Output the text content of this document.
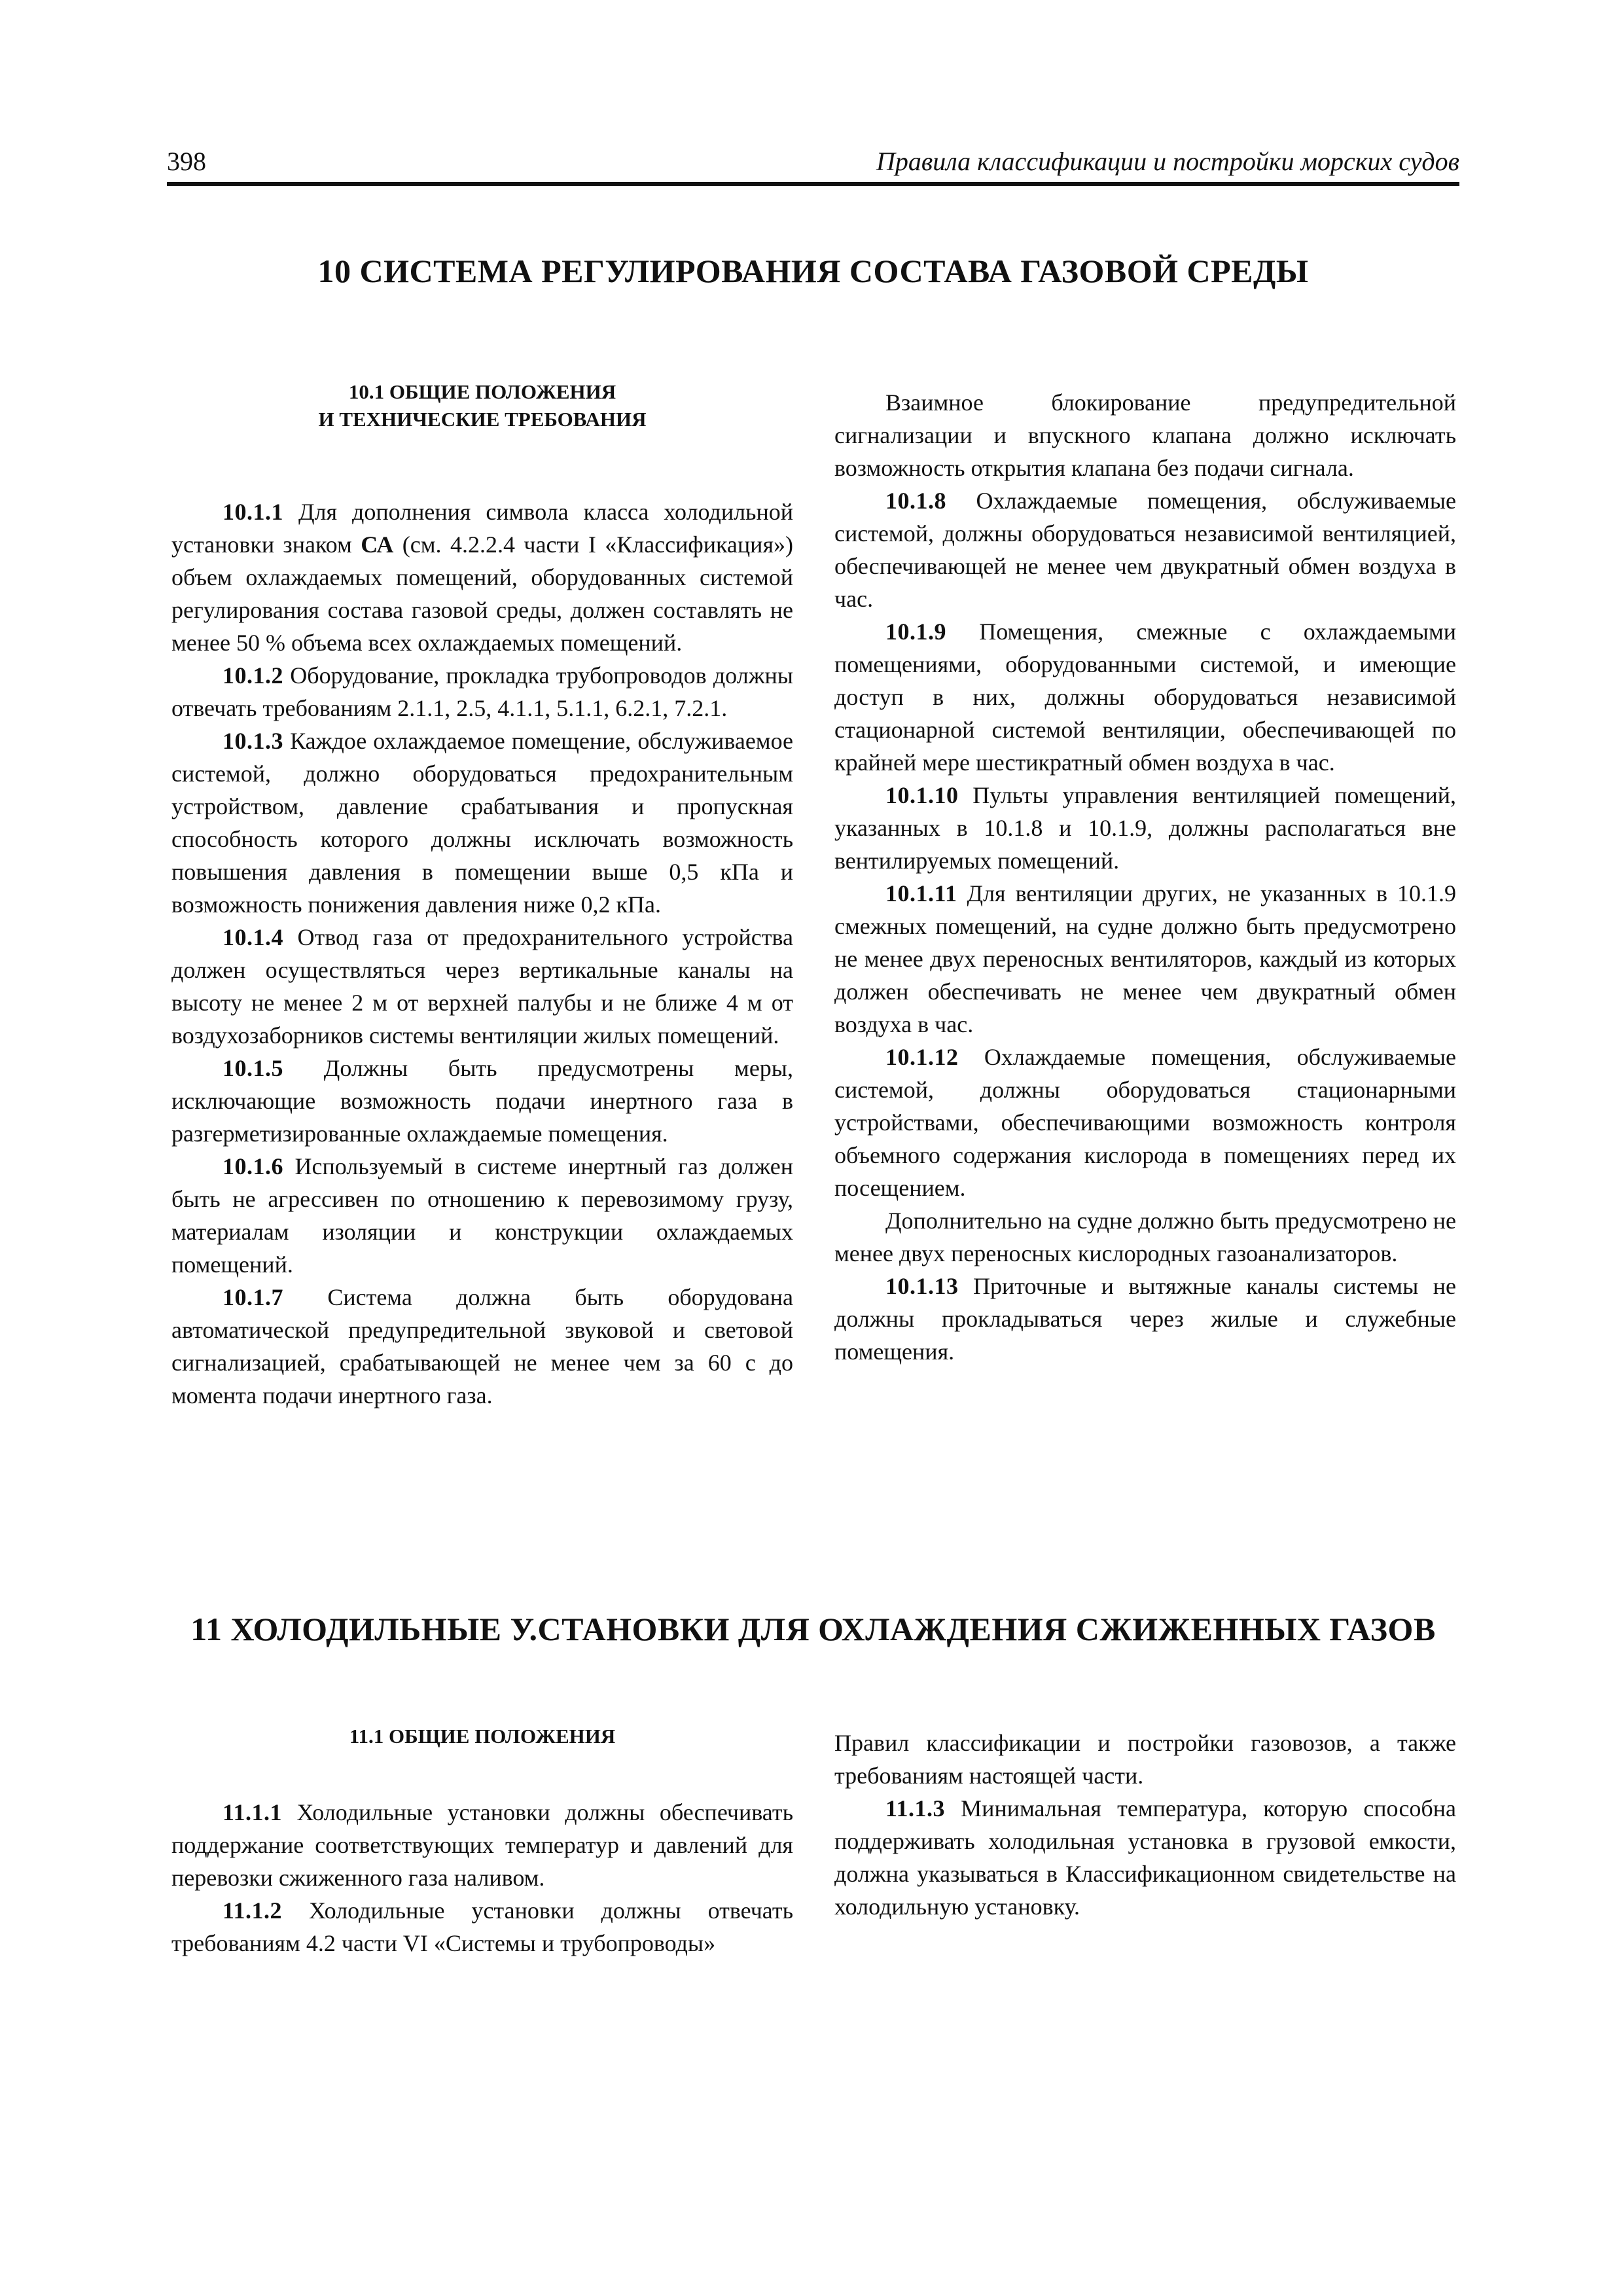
398	Правила классификации и постройки морских судов
10 СИСТЕМА РЕГУЛИРОВАНИЯ СОСТАВА ГАЗОВОЙ СРЕДЫ
10.1 ОБЩИЕ ПОЛОЖЕНИЯ
И ТЕХНИЧЕСКИЕ ТРЕБОВАНИЯ

10.1.1 Для дополнения символа класса холодильной установки знаком СА (см. 4.2.2.4 части I «Классификация») объем охлаждаемых помещений, оборудованных системой регулирования состава газовой среды, должен составлять не менее 50 % объема всех охлаждаемых помещений.

10.1.2 Оборудование, прокладка трубопроводов должны отвечать требованиям 2.1.1, 2.5, 4.1.1, 5.1.1, 6.2.1, 7.2.1.

10.1.3 Каждое охлаждаемое помещение, обслуживаемое системой, должно оборудоваться предохранительным устройством, давление срабатывания и пропускная способность которого должны исключать возможность повышения давления в помещении выше 0,5 кПа и возможность понижения давления ниже 0,2 кПа.

10.1.4 Отвод газа от предохранительного устройства должен осуществляться через вертикальные каналы на высоту не менее 2 м от верхней палубы и не ближе 4 м от воздухозаборников системы вентиляции жилых помещений.

10.1.5 Должны быть предусмотрены меры, исключающие возможность подачи инертного газа в разгерметизированные охлаждаемые помещения.

10.1.6 Используемый в системе инертный газ должен быть не агрессивен по отношению к перевозимому грузу, материалам изоляции и конструкции охлаждаемых помещений.

10.1.7 Система должна быть оборудована автоматической предупредительной звуковой и световой сигнализацией, срабатывающей не менее чем за 60 с до момента подачи инертного газа.

Взаимное блокирование предупредительной сигнализации и впускного клапана должно исключать возможность открытия клапана без подачи сигнала.

10.1.8 Охлаждаемые помещения, обслуживаемые системой, должны оборудоваться независимой вентиляцией, обеспечивающей не менее чем двукратный обмен воздуха в час.

10.1.9 Помещения, смежные с охлаждаемыми помещениями, оборудованными системой, и имеющие доступ в них, должны оборудоваться независимой стационарной системой вентиляции, обеспечивающей по крайней мере шестикратный обмен воздуха в час.

10.1.10 Пульты управления вентиляцией помещений, указанных в 10.1.8 и 10.1.9, должны располагаться вне вентилируемых помещений.

10.1.11 Для вентиляции других, не указанных в 10.1.9 смежных помещений, на судне должно быть предусмотрено не менее двух переносных вентиляторов, каждый из которых должен обеспечивать не менее чем двукратный обмен воздуха в час.

10.1.12 Охлаждаемые помещения, обслуживаемые системой, должны оборудоваться стационарными устройствами, обеспечивающими возможность контроля объемного содержания кислорода в помещениях перед их посещением.

Дополнительно на судне должно быть предусмотрено не менее двух переносных кислородных газоанализаторов.

10.1.13 Приточные и вытяжные каналы системы не должны прокладываться через жилые и служебные помещения.

11 ХОЛОДИЛЬНЫЕ У.СТАНОВКИ ДЛЯ ОХЛАЖДЕНИЯ СЖИЖЕННЫХ ГАЗОВ
11.1 ОБЩИЕ ПОЛОЖЕНИЯ

11.1.1 Холодильные установки должны обеспечивать поддержание соответствующих температур и давлений для перевозки сжиженного газа наливом.

11.1.2 Холодильные установки должны отвечать требованиям 4.2 части VI «Системы и трубопроводы»

Правил классификации и постройки газовозов, а также требованиям настоящей части.

11.1.3 Минимальная температура, которую способна поддерживать холодильная установка в грузовой емкости, должна указываться в Классификационном свидетельстве на холодильную установку.
